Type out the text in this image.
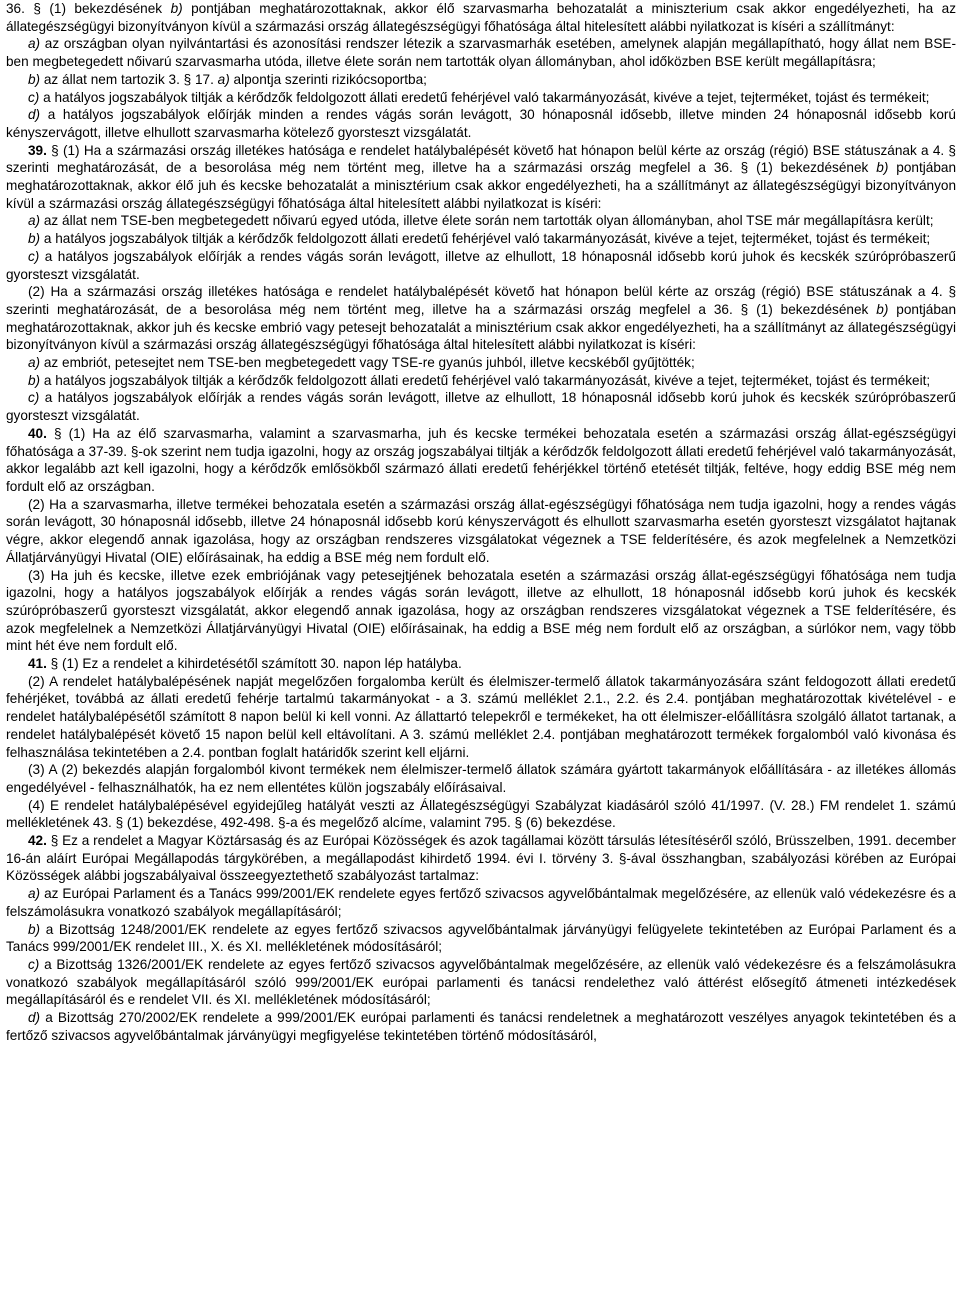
36. § (1) bekezdésének b) pontjában meghatározottaknak, akkor élő szarvasmarha behozatalát a miniszterium csak akkor engedélyezheti, ha az állategészségügyi bizonyítványon kívül a származási ország állategészségügyi főhatósága által hitelesített alábbi nyilatkozat is kíséri a szállítmányt:

a) az országban olyan nyilvántartási és azonosítási rendszer létezik a szarvasmarhák esetében, amelynek alapján megállapítható, hogy állat nem BSE-ben megbetegedett nőivarú szarvasmarha utóda, illetve élete során nem tartották olyan állományban, ahol időközben BSE került megállapításra;

b) az állat nem tartozik 3. § 17. a) alpontja szerinti rizikócsoportba;

c) a hatályos jogszabályok tiltják a kérődzők feldolgozott állati eredetű fehérjével való takarmányozását, kivéve a tejet, tejterméket, tojást és termékeit;

d) a hatályos jogszabályok előírják minden a rendes vágás során levágott, 30 hónaposnál idősebb, illetve minden 24 hónaposnál idősebb korú kényszervágott, illetve elhullott szarvasmarha kötelező gyorsteszt vizsgálatát.

39. § (1) Ha a származási ország illetékes hatósága e rendelet hatálybalépését követő hat hónapon belül kérte az ország (régió) BSE státuszának a 4. § szerinti meghatározását, de a besorolása még nem történt meg, illetve ha a származási ország megfelel a 36. § (1) bekezdésének b) pontjában meghatározottaknak, akkor élő juh és kecske behozatalát a minisztérium csak akkor engedélyezheti, ha a szállítmányt az állategészségügyi bizonyítványon kívül a származási ország állategészségügyi főhatósága által hitelesített alábbi nyilatkozat is kíséri:

a) az állat nem TSE-ben megbetegedett nőivarú egyed utóda, illetve élete során nem tartották olyan állományban, ahol TSE már megállapításra került;

b) a hatályos jogszabályok tiltják a kérődzők feldolgozott állati eredetű fehérjével való takarmányozását, kivéve a tejet, tejterméket, tojást és termékeit;

c) a hatályos jogszabályok előírják a rendes vágás során levágott, illetve az elhullott, 18 hónaposnál idősebb korú juhok és kecskék szúrópróbaszerű gyorsteszt vizsgálatát.

(2) Ha a származási ország illetékes hatósága e rendelet hatálybalépését követő hat hónapon belül kérte az ország (régió) BSE státuszának a 4. § szerinti meghatározását, de a besorolása még nem történt meg, illetve ha a származási ország megfelel a 36. § (1) bekezdésének b) pontjában meghatározottaknak, akkor juh és kecske embrió vagy petesejt behozatalát a minisztérium csak akkor engedélyezheti, ha a szállítmányt az állategészségügyi bizonyítványon kívül a származási ország állategészségügyi főhatósága által hitelesített alábbi nyilatkozat is kíséri:

a) az embriót, petesejtet nem TSE-ben megbetegedett vagy TSE-re gyanús juhból, illetve kecskéből gyűjtötték;

b) a hatályos jogszabályok tiltják a kérődzők feldolgozott állati eredetű fehérjével való takarmányozását, kivéve a tejet, tejterméket, tojást és termékeit;

c) a hatályos jogszabályok előírják a rendes vágás során levágott, illetve az elhullott, 18 hónaposnál idősebb korú juhok és kecskék szúrópróbaszerű gyorsteszt vizsgálatát.

40. § (1) Ha az élő szarvasmarha, valamint a szarvasmarha, juh és kecske termékei behozatala esetén a származási ország állat-egészségügyi főhatósága a 37-39. §-ok szerint nem tudja igazolni, hogy az ország jogszabályai tiltják a kérődzők feldolgozott állati eredetű fehérjével való takarmányozását, akkor legalább azt kell igazolni, hogy a kérődzők emlősökből származó állati eredetű fehérjékkel történő etetését tiltják, feltéve, hogy eddig BSE még nem fordult elő az országban.

(2) Ha a szarvasmarha, illetve termékei behozatala esetén a származási ország állat-egészségügyi főhatósága nem tudja igazolni, hogy a rendes vágás során levágott, 30 hónaposnál idősebb, illetve 24 hónaposnál idősebb korú kényszervágott és elhullott szarvasmarha esetén gyorsteszt vizsgálatot hajtanak végre, akkor elegendő annak igazolása, hogy az országban rendszeres vizsgálatokat végeznek a TSE felderítésére, és azok megfelelnek a Nemzetközi Állatjárványügyi Hivatal (OIE) előírásainak, ha eddig a BSE még nem fordult elő.

(3) Ha juh és kecske, illetve ezek embriójának vagy petesejtjének behozatala esetén a származási ország állat-egészségügyi főhatósága nem tudja igazolni, hogy a hatályos jogszabályok előírják a rendes vágás során levágott, illetve az elhullott, 18 hónaposnál idősebb korú juhok és kecskék szúrópróbaszerű gyorsteszt vizsgálatát, akkor elegendő annak igazolása, hogy az országban rendszeres vizsgálatokat végeznek a TSE felderítésére, és azok megfelelnek a Nemzetközi Állatjárványügyi Hivatal (OIE) előírásainak, ha eddig a BSE még nem fordult elő az országban, a súrlókor nem, vagy több mint hét éve nem fordult elő.

41. § (1) Ez a rendelet a kihirdetésétől számított 30. napon lép hatályba.

(2) A rendelet hatálybalépésének napját megelőzően forgalomba került és élelmiszer-termelő állatok takarmányozására szánt feldogozott állati eredetű fehérjéket, továbbá az állati eredetű fehérje tartalmú takarmányokat - a 3. számú melléklet 2.1., 2.2. és 2.4. pontjában meghatározottak kivételével - e rendelet hatálybalépésétől számított 8 napon belül ki kell vonni. Az állattartó telepekről e termékeket, ha ott élelmiszer-előállításra szolgáló állatot tartanak, a rendelet hatálybalépését követő 15 napon belül kell eltávolítani. A 3. számú melléklet 2.4. pontjában meghatározott termékek forgalomból való kivonása és felhasználása tekintetében a 2.4. pontban foglalt határidők szerint kell eljárni.

(3) A (2) bekezdés alapján forgalomból kivont termékek nem élelmiszer-termelő állatok számára gyártott takarmányok előállítására - az illetékes állomás engedélyével - felhasználhatók, ha ez nem ellentétes külön jogszabály előírásaival.

(4) E rendelet hatálybalépésével egyidejűleg hatályát veszti az Állategészségügyi Szabályzat kiadásáról szóló 41/1997. (V. 28.) FM rendelet 1. számú mellékletének 43. § (1) bekezdése, 492-498. §-a és megelőző alcíme, valamint 795. § (6) bekezdése.

42. § Ez a rendelet a Magyar Köztársaság és az Európai Közösségek és azok tagállamai között társulás létesítéséről szóló, Brüsszelben, 1991. december 16-án aláírt Európai Megállapodás tárgykörében, a megállapodást kihirdető 1994. évi I. törvény 3. §-ával összhangban, szabályozási körében az Európai Közösségek alábbi jogszabályaival összeegyeztethető szabályozást tartalmaz:

a) az Európai Parlament és a Tanács 999/2001/EK rendelete egyes fertőző szivacsos agyvelőbántalmak megelőzésére, az ellenük való védekezésre és a felszámolásukra vonatkozó szabályok megállapításáról;

b) a Bizottság 1248/2001/EK rendelete az egyes fertőző szivacsos agyvelőbántalmak járványügyi felügyelete tekintetében az Európai Parlament és a Tanács 999/2001/EK rendelet III., X. és XI. mellékletének módosításáról;

c) a Bizottság 1326/2001/EK rendelete az egyes fertőző szivacsos agyvelőbántalmak megelőzésére, az ellenük való védekezésre és a felszámolásukra vonatkozó szabályok megállapításáról szóló 999/2001/EK európai parlamenti és tanácsi rendelethez való áttérést elősegítő átmeneti intézkedések megállapításáról és e rendelet VII. és XI. mellékletének módosításáról;

d) a Bizottság 270/2002/EK rendelete a 999/2001/EK európai parlamenti és tanácsi rendeletnek a meghatározott veszélyes anyagok tekintetében és a fertőző szivacsos agyvelőbántalmak járványügyi megfigyelése tekintetében történő módosításáról,
